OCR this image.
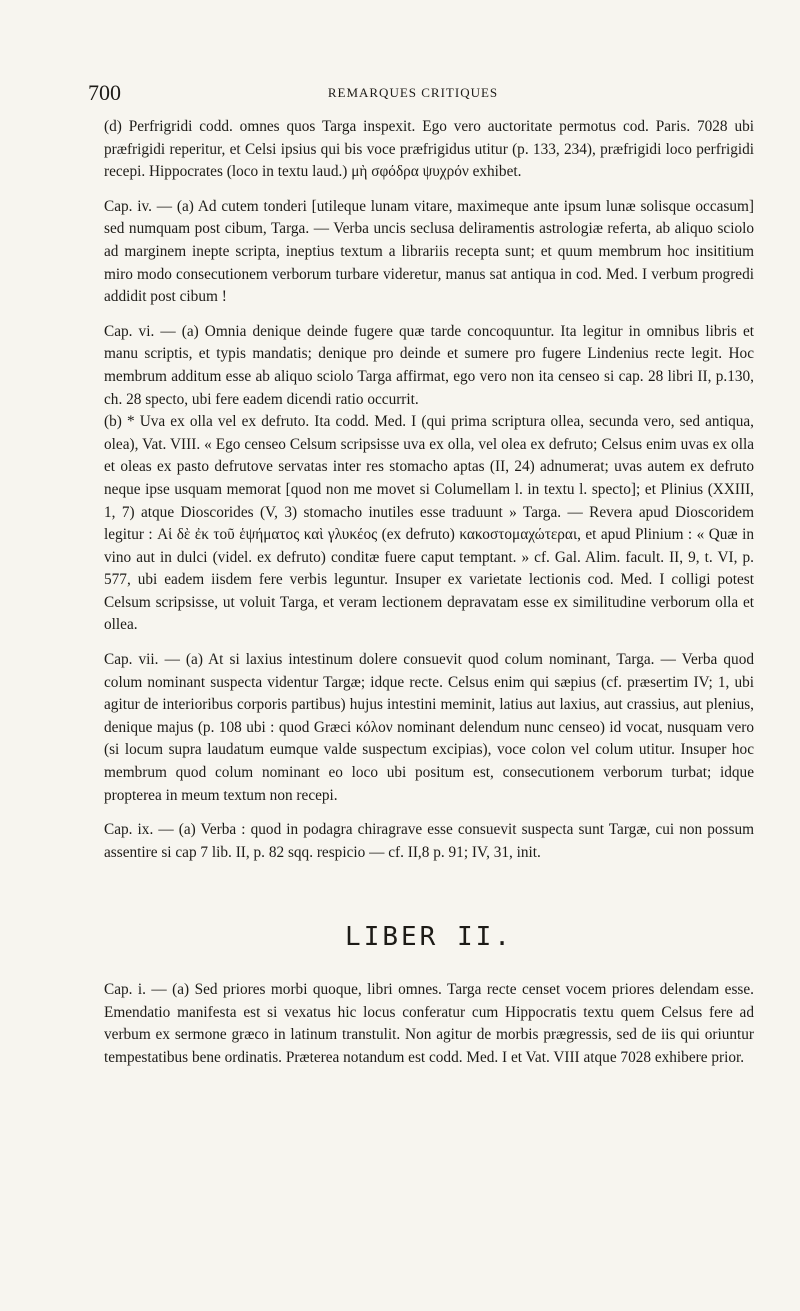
700	REMARQUES CRITIQUES

(d) Perfrigridi codd. omnes quos Targa inspexit. Ego vero auctoritate permotus cod. Paris. 7028 ubi præfrigidi reperitur, et Celsi ipsius qui bis voce præfrigidus utitur (p. 133, 234), præfrigidi loco perfrigidi recepi. Hippocrates (loco in textu laud.) μὴ σφόδρα ψυχρόν exhibet.

Cap. iv. — (a) Ad cutem tonderi [utileque lunam vitare, maximeque ante ipsum lunæ solisque occasum] sed numquam post cibum, Targa. — Verba uncis seclusa deliramentis astrologiæ referta, ab aliquo sciolo ad marginem inepte scripta, ineptius textum a librariis recepta sunt; et quum membrum hoc insititium miro modo consecutionem verborum turbare videretur, manus sat antiqua in cod. Med. I verbum progredi addidit post cibum !

Cap. vi. — (a) Omnia denique deinde fugere quæ tarde concoquuntur. Ita legitur in omnibus libris et manu scriptis, et typis mandatis; denique pro deinde et sumere pro fugere Lindenius recte legit. Hoc membrum additum esse ab aliquo sciolo Targa affirmat, ego vero non ita censeo si cap. 28 libri II, p.130, ch. 28 specto, ubi fere eadem dicendi ratio occurrit.

(b) * Uva ex olla vel ex defruto. Ita codd. Med. I (qui prima scriptura ollea, secunda vero, sed antiqua, olea), Vat. VIII. « Ego censeo Celsum scripsisse uva ex olla, vel olea ex defruto; Celsus enim uvas ex olla et oleas ex pasto defrutove servatas inter res stomacho aptas (II, 24) adnumerat; uvas autem ex defruto neque ipse usquam memorat [quod non me movet si Columellam l. in textu l. specto]; et Plinius (XXIII, 1, 7) atque Dioscorides (V, 3) stomacho inutiles esse traduunt » Targa. — Revera apud Dioscoridem legitur : Αἱ δὲ ἐκ τοῦ ἑψήματος καὶ γλυκέος (ex defruto) κακοστομαχώτεραι, et apud Plinium : « Quæ in vino aut in dulci (videl. ex defruto) conditæ fuere caput temptant. » cf. Gal. Alim. facult. II, 9, t. VI, p. 577, ubi eadem iisdem fere verbis leguntur. Insuper ex varietate lectionis cod. Med. I colligi potest Celsum scripsisse, ut voluit Targa, et veram lectionem depravatam esse ex similitudine verborum olla et ollea.

Cap. vii. — (a) At si laxius intestinum dolere consuevit quod colum nominant, Targa. — Verba quod colum nominant suspecta videntur Targæ; idque recte. Celsus enim qui sæpius (cf. præsertim IV; 1, ubi agitur de interioribus corporis partibus) hujus intestini meminit, latius aut laxius, aut crassius, aut plenius, denique majus (p. 108 ubi : quod Græci κόλον nominant delendum nunc censeo) id vocat, nusquam vero (si locum supra laudatum eumque valde suspectum excipias), voce colon vel colum utitur. Insuper hoc membrum quod colum nominant eo loco ubi positum est, consecutionem verborum turbat; idque propterea in meum textum non recepi.

Cap. ix. — (a) Verba : quod in podagra chiragrave esse consuevit suspecta sunt Targæ, cui non possum assentire si cap 7 lib. II, p. 82 sqq. respicio — cf. II,8 p. 91; IV, 31, init.

LIBER II.

Cap. i. — (a) Sed priores morbi quoque, libri omnes. Targa recte censet vocem priores delendam esse. Emendatio manifesta est si vexatus hic locus conferatur cum Hippocratis textu quem Celsus fere ad verbum ex sermone græco in latinum transtulit. Non agitur de morbis prægressis, sed de iis qui oriuntur tempestatibus bene ordinatis. Præterea notandum est codd. Med. I et Vat. VIII atque 7028 exhibere prior.
